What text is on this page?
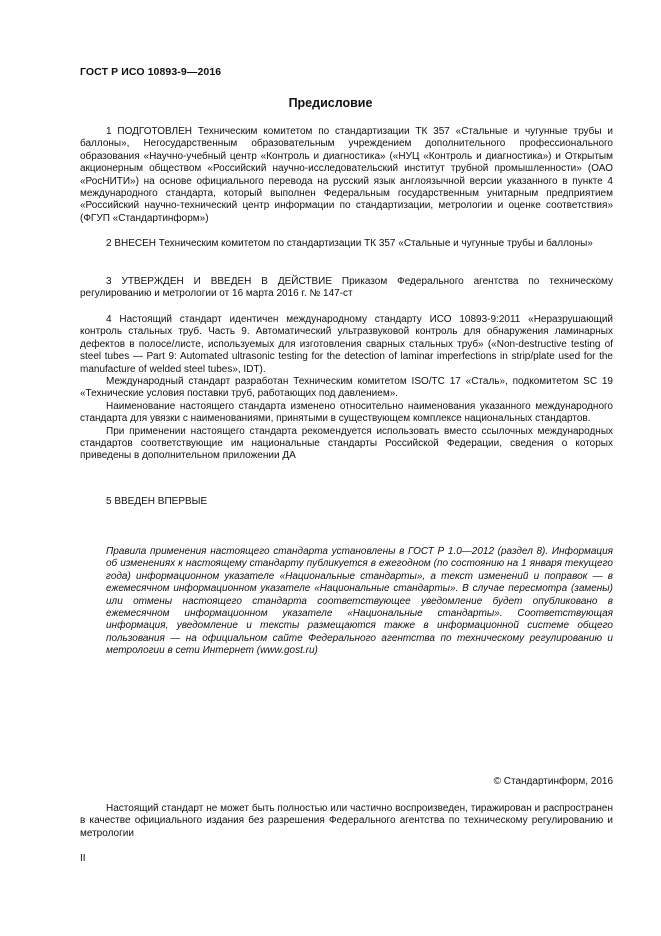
ГОСТ Р ИСО 10893-9—2016
Предисловие

1 ПОДГОТОВЛЕН Техническим комитетом по стандартизации ТК 357 «Стальные и чугунные трубы и баллоны», Негосударственным образовательным учреждением дополнительного профессионального образования «Научно-учебный центр «Контроль и диагностика» («НУЦ «Контроль и диагностика») и Открытым акционерным обществом «Российский научно-исследовательский институт трубной промышленности» (ОАО «РосНИТИ») на основе официального перевода на русский язык англоязычной версии указанного в пункте 4 международного стандарта, который выполнен Федеральным государственным унитарным предприятием «Российский научно-технический центр информации по стандартизации, метрологии и оценке соответствия» (ФГУП «Стандартинформ»)

2 ВНЕСЕН Техническим комитетом по стандартизации ТК 357 «Стальные и чугунные трубы и баллоны»

3 УТВЕРЖДЕН И ВВЕДЕН В ДЕЙСТВИЕ Приказом Федерального агентства по техническому регулированию и метрологии от 16 марта 2016 г. № 147-ст

4 Настоящий стандарт идентичен международному стандарту ИСО 10893-9:2011 «Неразрушающий контроль стальных труб. Часть 9. Автоматический ультразвуковой контроль для обнаружения ламинарных дефектов в полосе/листе, используемых для изготовления сварных стальных труб» («Non-destructive testing of steel tubes — Part 9: Automated ultrasonic testing for the detection of laminar imperfections in strip/plate used for the manufacture of welded steel tubes», IDT).

Международный стандарт разработан Техническим комитетом ISO/TC 17 «Сталь», подкомитетом SC 19 «Технические условия поставки труб, работающих под давлением».

Наименование настоящего стандарта изменено относительно наименования указанного международного стандарта для увязки с наименованиями, принятыми в существующем комплексе национальных стандартов.

При применении настоящего стандарта рекомендуется использовать вместо ссылочных международных стандартов соответствующие им национальные стандарты Российской Федерации, сведения о которых приведены в дополнительном приложении ДА

5 ВВЕДЕН ВПЕРВЫЕ

Правила применения настоящего стандарта установлены в ГОСТ Р 1.0—2012 (раздел 8). Информация об изменениях к настоящему стандарту публикуется в ежегодном (по состоянию на 1 января текущего года) информационном указателе «Национальные стандарты», а текст изменений и поправок — в ежемесячном информационном указателе «Национальные стандарты». В случае пересмотра (замены) или отмены настоящего стандарта соответствующее уведомление будет опубликовано в ежемесячном информационном указателе «Национальные стандарты». Соответствующая информация, уведомление и тексты размещаются также в информационной системе общего пользования — на официальном сайте Федерального агентства по техническому регулированию и метрологии в сети Интернет (www.gost.ru)

© Стандартинформ, 2016

Настоящий стандарт не может быть полностью или частично воспроизведен, тиражирован и распространен в качестве официального издания без разрешения Федерального агентства по техническому регулированию и метрологии

II
